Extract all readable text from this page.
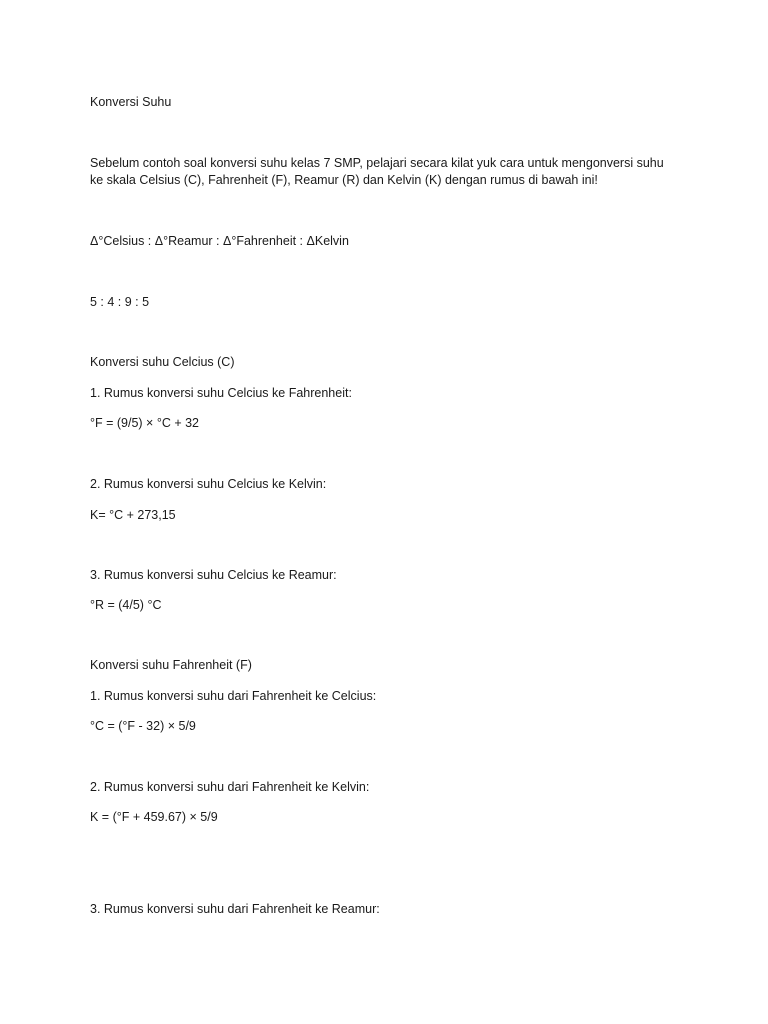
Konversi Suhu
Sebelum contoh soal konversi suhu kelas 7 SMP, pelajari secara kilat yuk cara untuk mengonversi suhu ke skala Celsius (C), Fahrenheit (F), Reamur (R) dan Kelvin (K) dengan rumus di bawah ini!
Δ°Celsius : Δ°Reamur : Δ°Fahrenheit : ΔKelvin
5 : 4 : 9 : 5
Konversi suhu Celcius (C)
1. Rumus konversi suhu Celcius ke Fahrenheit:
°F = (9/5) × °C + 32
2. Rumus konversi suhu Celcius ke Kelvin:
K= °C + 273,15
3. Rumus konversi suhu Celcius ke Reamur:
°R = (4/5) °C
Konversi suhu Fahrenheit (F)
1. Rumus konversi suhu dari Fahrenheit ke Celcius:
°C = (°F - 32) × 5/9
2. Rumus konversi suhu dari Fahrenheit ke Kelvin:
K = (°F + 459.67) × 5/9
3. Rumus konversi suhu dari Fahrenheit ke Reamur:
